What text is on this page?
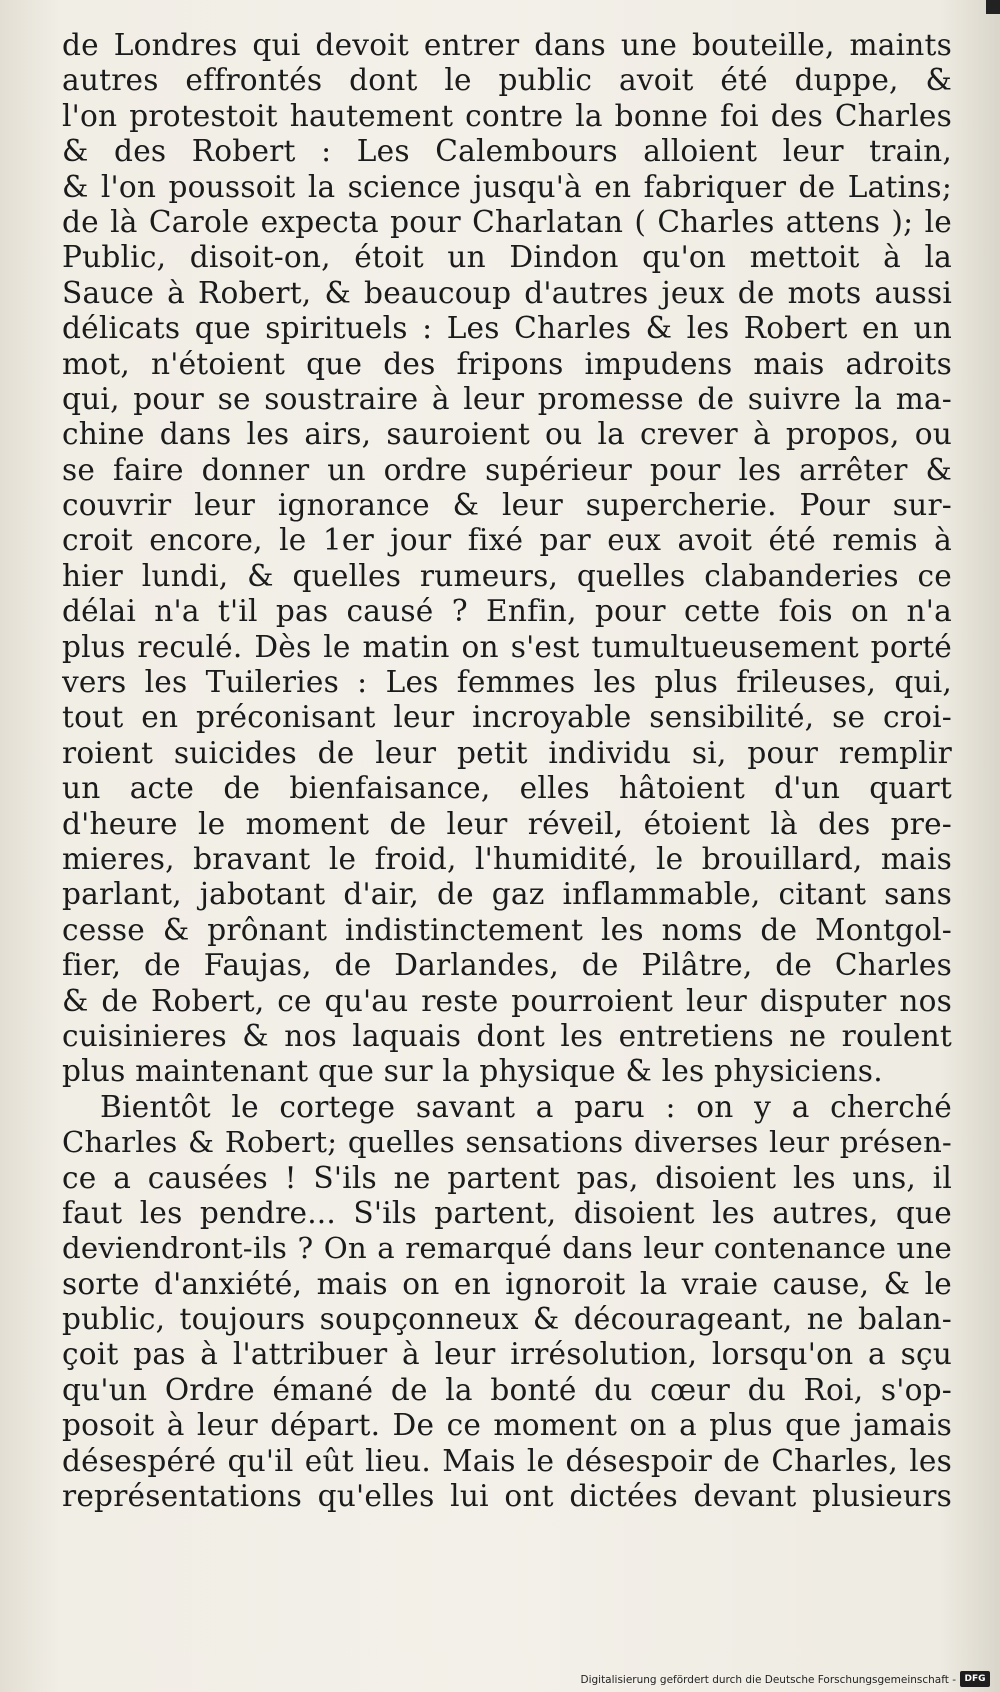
de Londres qui devoit entrer dans une bouteille, maints
autres effrontés dont le public avoit été duppe, &
l'on protestoit hautement contre la bonne foi des Charles
& des Robert : Les Calembours alloient leur train,
& l'on poussoit la science jusqu'à en fabriquer de Latins;
de là Carole expecta pour Charlatan ( Charles attens ); le
Public, disoit-on, étoit un Dindon qu'on mettoit à la
Sauce à Robert, & beaucoup d'autres jeux de mots aussi
délicats que spirituels : Les Charles & les Robert en un
mot, n'étoient que des fripons impudens mais adroits
qui, pour se soustraire à leur promesse de suivre la ma-
chine dans les airs, sauroient ou la crever à propos, ou
se faire donner un ordre supérieur pour les arrêter &
couvrir leur ignorance & leur supercherie. Pour sur-
croit encore, le 1er jour fixé par eux avoit été remis à
hier lundi, & quelles rumeurs, quelles clabanderies ce
délai n'a t'il pas causé ? Enfin, pour cette fois on n'a
plus reculé. Dès le matin on s'est tumultueusement porté
vers les Tuileries : Les femmes les plus frileuses, qui,
tout en préconisant leur incroyable sensibilité, se croi-
roient suicides de leur petit individu si, pour remplir
un acte de bienfaisance, elles hâtoient d'un quart
d'heure le moment de leur réveil, étoient là des pre-
mieres, bravant le froid, l'humidité, le brouillard, mais
parlant, jabotant d'air, de gaz inflammable, citant sans
cesse & prônant indistinctement les noms de Montgol-
fier, de Faujas, de Darlandes, de Pilâtre, de Charles
& de Robert, ce qu'au reste pourroient leur disputer nos
cuisinieres & nos laquais dont les entretiens ne roulent
plus maintenant que sur la physique & les physiciens.
Bientôt le cortege savant a paru : on y a cherché
Charles & Robert; quelles sensations diverses leur présen-
ce a causées ! S'ils ne partent pas, disoient les uns, il
faut les pendre... S'ils partent, disoient les autres, que
deviendront-ils ? On a remarqué dans leur contenance une
sorte d'anxiété, mais on en ignoroit la vraie cause, & le
public, toujours soupçonneux & décourageant, ne balan-
çoit pas à l'attribuer à leur irrésolution, lorsqu'on a sçu
qu'un Ordre émané de la bonté du cœur du Roi, s'op-
posoit à leur départ. De ce moment on a plus que jamais
désespéré qu'il eût lieu. Mais le désespoir de Charles, les
représentations qu'elles lui ont dictées devant plusieurs
Digitalisierung gefördert durch die Deutsche Forschungsgemeinschaft - DFG
